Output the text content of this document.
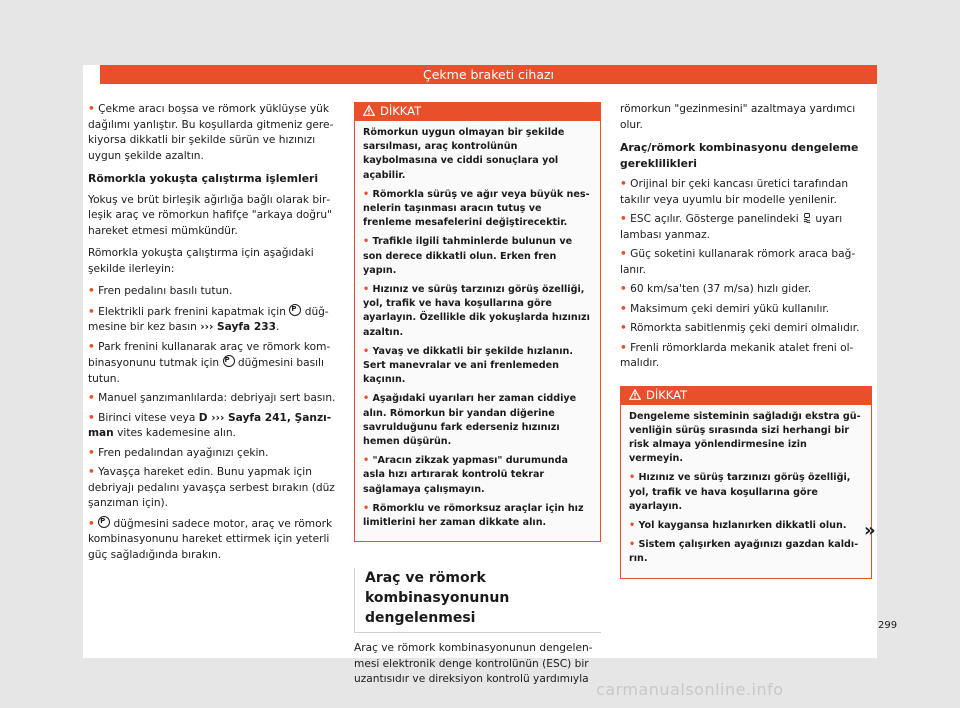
Çekme braketi cihazı

• Çekme aracı boşsa ve römork yüklüyse yük dağılımı yanlıştır. Bu koşullarda gitmeniz gerekiyorsa dikkatli bir şekilde sürün ve hızınızı uygun şekilde azaltın.

Römorkla yokuşta çalıştırma işlemleri

Yokuş ve brüt birleşik ağırlığa bağlı olarak birleşik araç ve römorkun hafifçe "arkaya doğru" hareket etmesi mümkündür.

Römorkla yokuşta çalıştırma için aşağıdaki şekilde ilerleyin:

• Fren pedalını basılı tutun.

• Elektrikli park frenini kapatmak için P düğmesine bir kez basın ››› Sayfa 233.

• Park frenini kullanarak araç ve römork kombinasyonunu tutmak için P düğmesini basılı tutun.

• Manuel şanzımanlılarda: debriyajı sert basın.

• Birinci vitese veya D ››› Sayfa 241, Şanzıman vites kademesine alın.

• Fren pedalından ayağınızı çekin.

• Yavaşça hareket edin. Bunu yapmak için debriyajı pedalını yavaşça serbest bırakın (düz şanzıman için).

• P düğmesini sadece motor, araç ve römork kombinasyonunu hareket ettirmek için yeterli güç sağladığında bırakın.

DİKKAT

Römorkun uygun olmayan bir şekilde sarsılması, araç kontrolünün kaybolmasına ve ciddi sonuçlara yol açabilir.

• Römorkla sürüş ve ağır veya büyük nesnelerin taşınması aracın tutuş ve frenleme mesafelerini değiştirecektir.

• Trafikle ilgili tahminlerde bulunun ve son derece dikkatli olun. Erken fren yapın.

• Hızınız ve sürüş tarzınızı görüş özelliği, yol, trafik ve hava koşullarına göre ayarlayın. Özellikle dik yokuşlarda hızınızı azaltın.

• Yavaş ve dikkatli bir şekilde hızlanın. Sert manevralar ve ani frenlemeden kaçının.

• Aşağıdaki uyarıları her zaman ciddiye alın. Römorkun bir yandan diğerine savrulduğunu fark ederseniz hızınızı hemen düşürün.

• "Aracın zikzak yapması" durumunda asla hızı artırarak kontrolü tekrar sağlamaya çalışmayın.

• Römorklu ve römorksuz araçlar için hız limitlerini her zaman dikkate alın.

Araç ve römork kombinasyonunun dengelenmesi

Araç ve römork kombinasyonunun dengelenmesi elektronik denge kontrolünün (ESC) bir uzantısıdır ve direksiyon kontrolü yardımıyla

römorkun "gezinmesini" azaltmaya yardımcı olur.

Araç/römork kombinasyonu dengeleme gereklilikleri

• Orijinal bir çeki kancası üretici tarafından takılır veya uyumlu bir modelle yenilenir.

• ESC açılır. Gösterge panelindeki uyarı lambası yanmaz.

• Güç soketini kullanarak römork araca bağlanır.

• 60 km/sa'ten (37 m/sa) hızlı gider.

• Maksimum çeki demiri yükü kullanılır.

• Römorkta sabitlenmiş çeki demiri olmalıdır.

• Frenli römorklarda mekanik atalet freni olmalıdır.

DİKKAT

Dengeleme sisteminin sağladığı ekstra güvenliğin sürüş sırasında sizi herhangi bir risk almaya yönlendirmesine izin vermeyin.

• Hızınız ve sürüş tarzınızı görüş özelliği, yol, trafik ve hava koşullarına göre ayarlayın.

• Yol kaygansa hızlanırken dikkatli olun.

• Sistem çalışırken ayağınızı gazdan kaldırın.

»
299
carmanualsonline.info
